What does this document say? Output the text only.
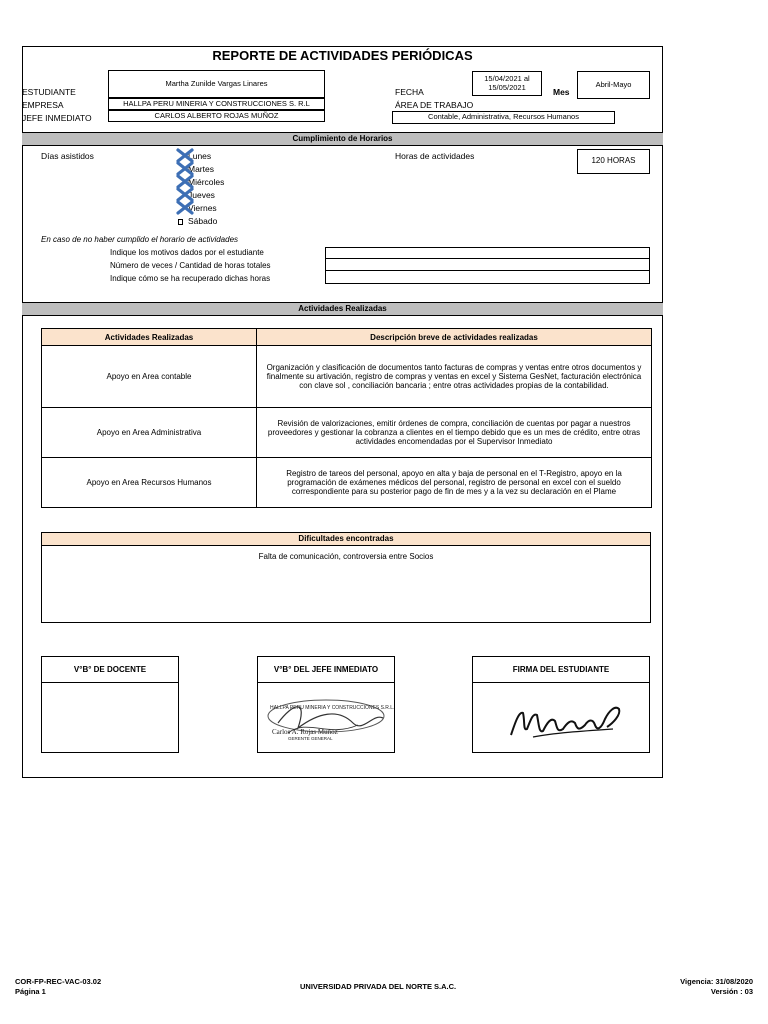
REPORTE DE ACTIVIDADES PERIÓDICAS
ESTUDIANTE
Martha Zunilde Vargas Linares
EMPRESA	HALLPA PERU MINERIA Y CONSTRUCCIONES S. R.L
JEFE INMEDIATO	CARLOS ALBERTO ROJAS MUÑOZ
FECHA
15/04/2021 al 15/05/2021	Mes
Abril-Mayo
ÁREA DE TRABAJO
Contable, Administrativa, Recursos Humanos
Cumplimiento de Horarios
Días asistidos	Lunes
Martes
Miércoles
Jueves
Viernes
Sábado
Horas de actividades	120 HORAS
En caso de no haber cumplido el horario de actividades
Indique los motivos dados por el estudiante
Número de veces / Cantidad de horas totales
Indique cómo se ha recuperado dichas horas
Actividades Realizadas
Actividades Realizadas	Descripción breve de actividades realizadas
Apoyo en Area contable	Organización y clasificación de documentos tanto facturas de compras y ventas entre otros documentos y finalmente su artivación, registro de compras y ventas en excel y Sistema GesNet, facturación electrónica con clave sol , conciliación bancaria ; entre otras actividades propias de la contabilidad.
Apoyo en Area Administrativa	Revisión de valorizaciones, emitir órdenes de compra, conciliación de cuentas por pagar a nuestros proveedores y gestionar la cobranza a clientes en el tiempo debido que es un mes de crédito, entre otras actividades encomendadas por el Supervisor Inmediato
Apoyo en Area Recursos Humanos	Registro de tareos del personal, apoyo en alta y baja de personal en el T-Registro, apoyo en la programación de exámenes médicos del personal, registro de personal en excel con el sueldo correspondiente para su posterior pago de fin de mes y a la vez su declaración en el Plame
Dificultades encontradas
Falta de comunicación, controversia entre Socios
V°B° DE DOCENTE	V°B° DEL JEFE INMEDIATO
HALLPA PERU MINERIA Y CONSTRUCCIONES S.R.L.
Carlos A. Rojas Muñoz
GERENTE GENERAL
FIRMA DEL ESTUDIANTE
COR-FP-REC-VAC-03.02
Página 1
UNIVERSIDAD PRIVADA DEL NORTE S.A.C.
Vigencia: 31/08/2020
Versión : 03
